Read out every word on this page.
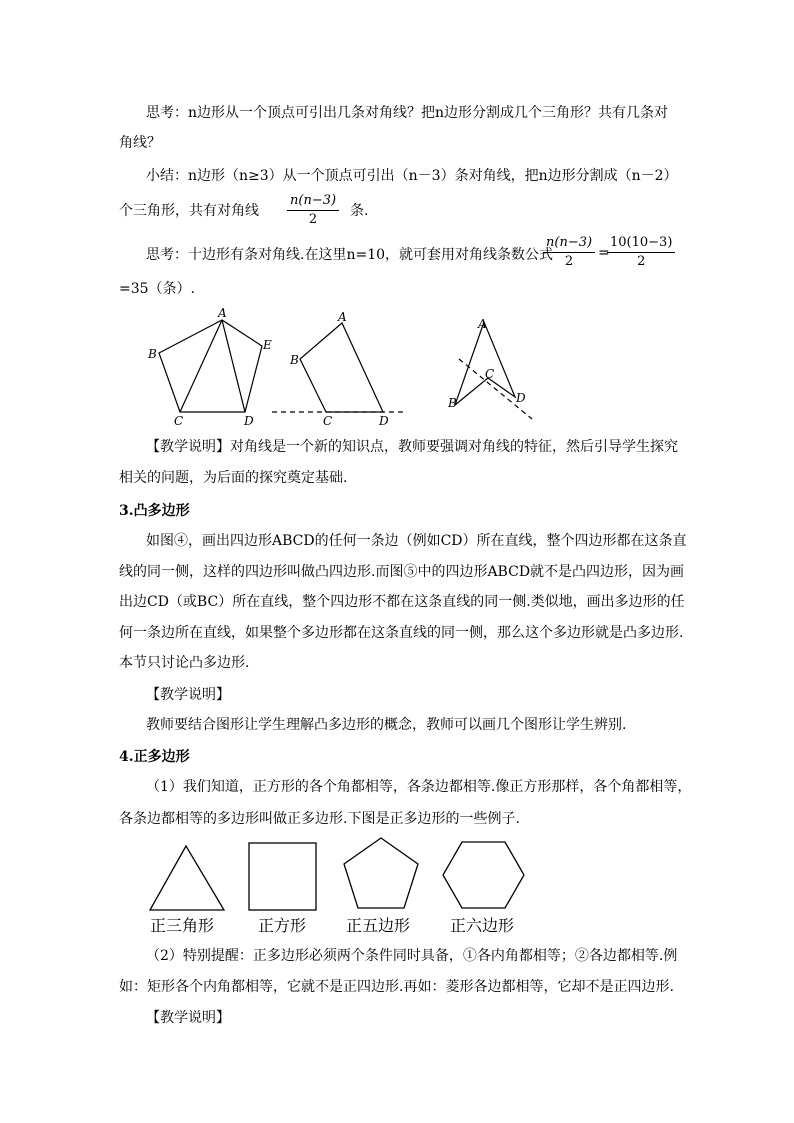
思考：n边形从一个顶点可引出几条对角线？把n边形分割成几个三角形？共有几条对
角线？
小结：n边形（n≥3）从一个顶点可引出（n－3）条对角线，把n边形分割成（n－2）
个三角形，共有对角线 $\frac{n(n-3)}{2}$ 条.
思考：十边形有条对角线.在这里n=10，就可套用对角线条数公式
$\frac{n(n-3)}{2}$ =
$\frac{10(10-3)}{2}$
=35（条）.
A
B
C	D
E
A
B
C	D
A
B
C
D
【教学说明】对角线是一个新的知识点，教师要强调对角线的特征，然后引导学生探究
相关的问题，为后面的探究奠定基础.
3.凸多边形
如图④，画出四边形ABCD的任何一条边（例如CD）所在直线，整个四边形都在这条直
线的同一侧，这样的四边形叫做凸四边形.而图⑤中的四边形ABCD就不是凸四边形，因为画
出边CD（或BC）所在直线，整个四边形不都在这条直线的同一侧.类似地，画出多边形的任
何一条边所在直线，如果整个多边形都在这条直线的同一侧，那么这个多边形就是凸多边形.
本节只讨论凸多边形.
【教学说明】
教师要结合图形让学生理解凸多边形的概念，教师可以画几个图形让学生辨别.
4.正多边形
（1）我们知道，正方形的各个角都相等，各条边都相等.像正方形那样，各个角都相等，
各条边都相等的多边形叫做正多边形.下图是正多边形的一些例子.
正三角形	正方形 正五边形 正六边形
（2）特别提醒：正多边形必须两个条件同时具备，①各内角都相等；②各边都相等.例
如：矩形各个内角都相等，它就不是正四边形.再如：菱形各边都相等，它却不是正四边形.
【教学说明】
